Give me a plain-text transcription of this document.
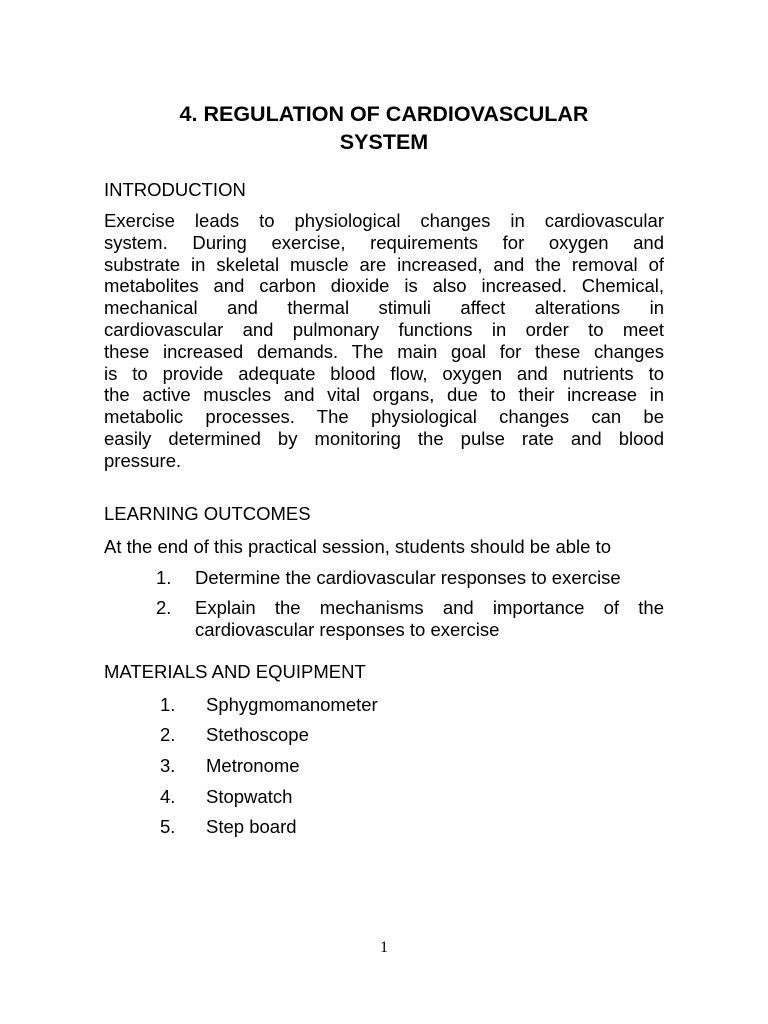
4. REGULATION OF CARDIOVASCULAR
SYSTEM
INTRODUCTION
Exercise leads to physiological changes in cardiovascular
system. During exercise, requirements for oxygen and
substrate in skeletal muscle are increased, and the removal of
metabolites and carbon dioxide is also increased. Chemical,
mechanical and thermal stimuli affect alterations in
cardiovascular and pulmonary functions in order to meet
these increased demands. The main goal for these changes
is to provide adequate blood flow, oxygen and nutrients to
the active muscles and vital organs, due to their increase in
metabolic processes. The physiological changes can be
easily determined by monitoring the pulse rate and blood
pressure.
LEARNING OUTCOMES
At the end of this practical session, students should be able to
1. Determine the cardiovascular responses to exercise
2. Explain the mechanisms and importance of the
cardiovascular responses to exercise
MATERIALS AND EQUIPMENT
1. Sphygmomanometer
2. Stethoscope
3. Metronome
4. Stopwatch
5. Step board
1
